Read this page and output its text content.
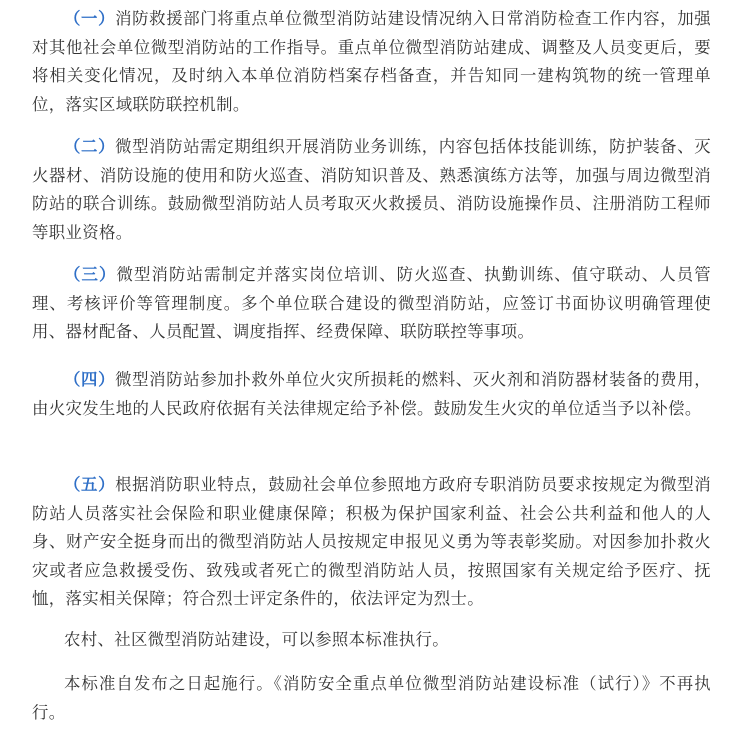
（一）消防救援部门将重点单位微型消防站建设情况纳入日常消防检查工作内容，加强对其他社会单位微型消防站的工作指导。重点单位微型消防站建成、调整及人员变更后，要将相关变化情况，及时纳入本单位消防档案存档备查，并告知同一建构筑物的统一管理单位，落实区域联防联控机制。

（二）微型消防站需定期组织开展消防业务训练，内容包括体技能训练，防护装备、灭火器材、消防设施的使用和防火巡查、消防知识普及、熟悉演练方法等，加强与周边微型消防站的联合训练。鼓励微型消防站人员考取灭火救援员、消防设施操作员、注册消防工程师等职业资格。

（三）微型消防站需制定并落实岗位培训、防火巡查、执勤训练、值守联动、人员管理、考核评价等管理制度。多个单位联合建设的微型消防站，应签订书面协议明确管理使用、器材配备、人员配置、调度指挥、经费保障、联防联控等事项。

（四）微型消防站参加扑救外单位火灾所损耗的燃料、灭火剂和消防器材装备的费用，由火灾发生地的人民政府依据有关法律规定给予补偿。鼓励发生火灾的单位适当予以补偿。

（五）根据消防职业特点，鼓励社会单位参照地方政府专职消防员要求按规定为微型消防站人员落实社会保险和职业健康保障；积极为保护国家利益、社会公共利益和他人的人身、财产安全挺身而出的微型消防站人员按规定申报见义勇为等表彰奖励。对因参加扑救火灾或者应急救援受伤、致残或者死亡的微型消防站人员，按照国家有关规定给予医疗、抚恤，落实相关保障；符合烈士评定条件的，依法评定为烈士。

农村、社区微型消防站建设，可以参照本标准执行。

本标准自发布之日起施行。《消防安全重点单位微型消防站建设标准（试行）》不再执行。
